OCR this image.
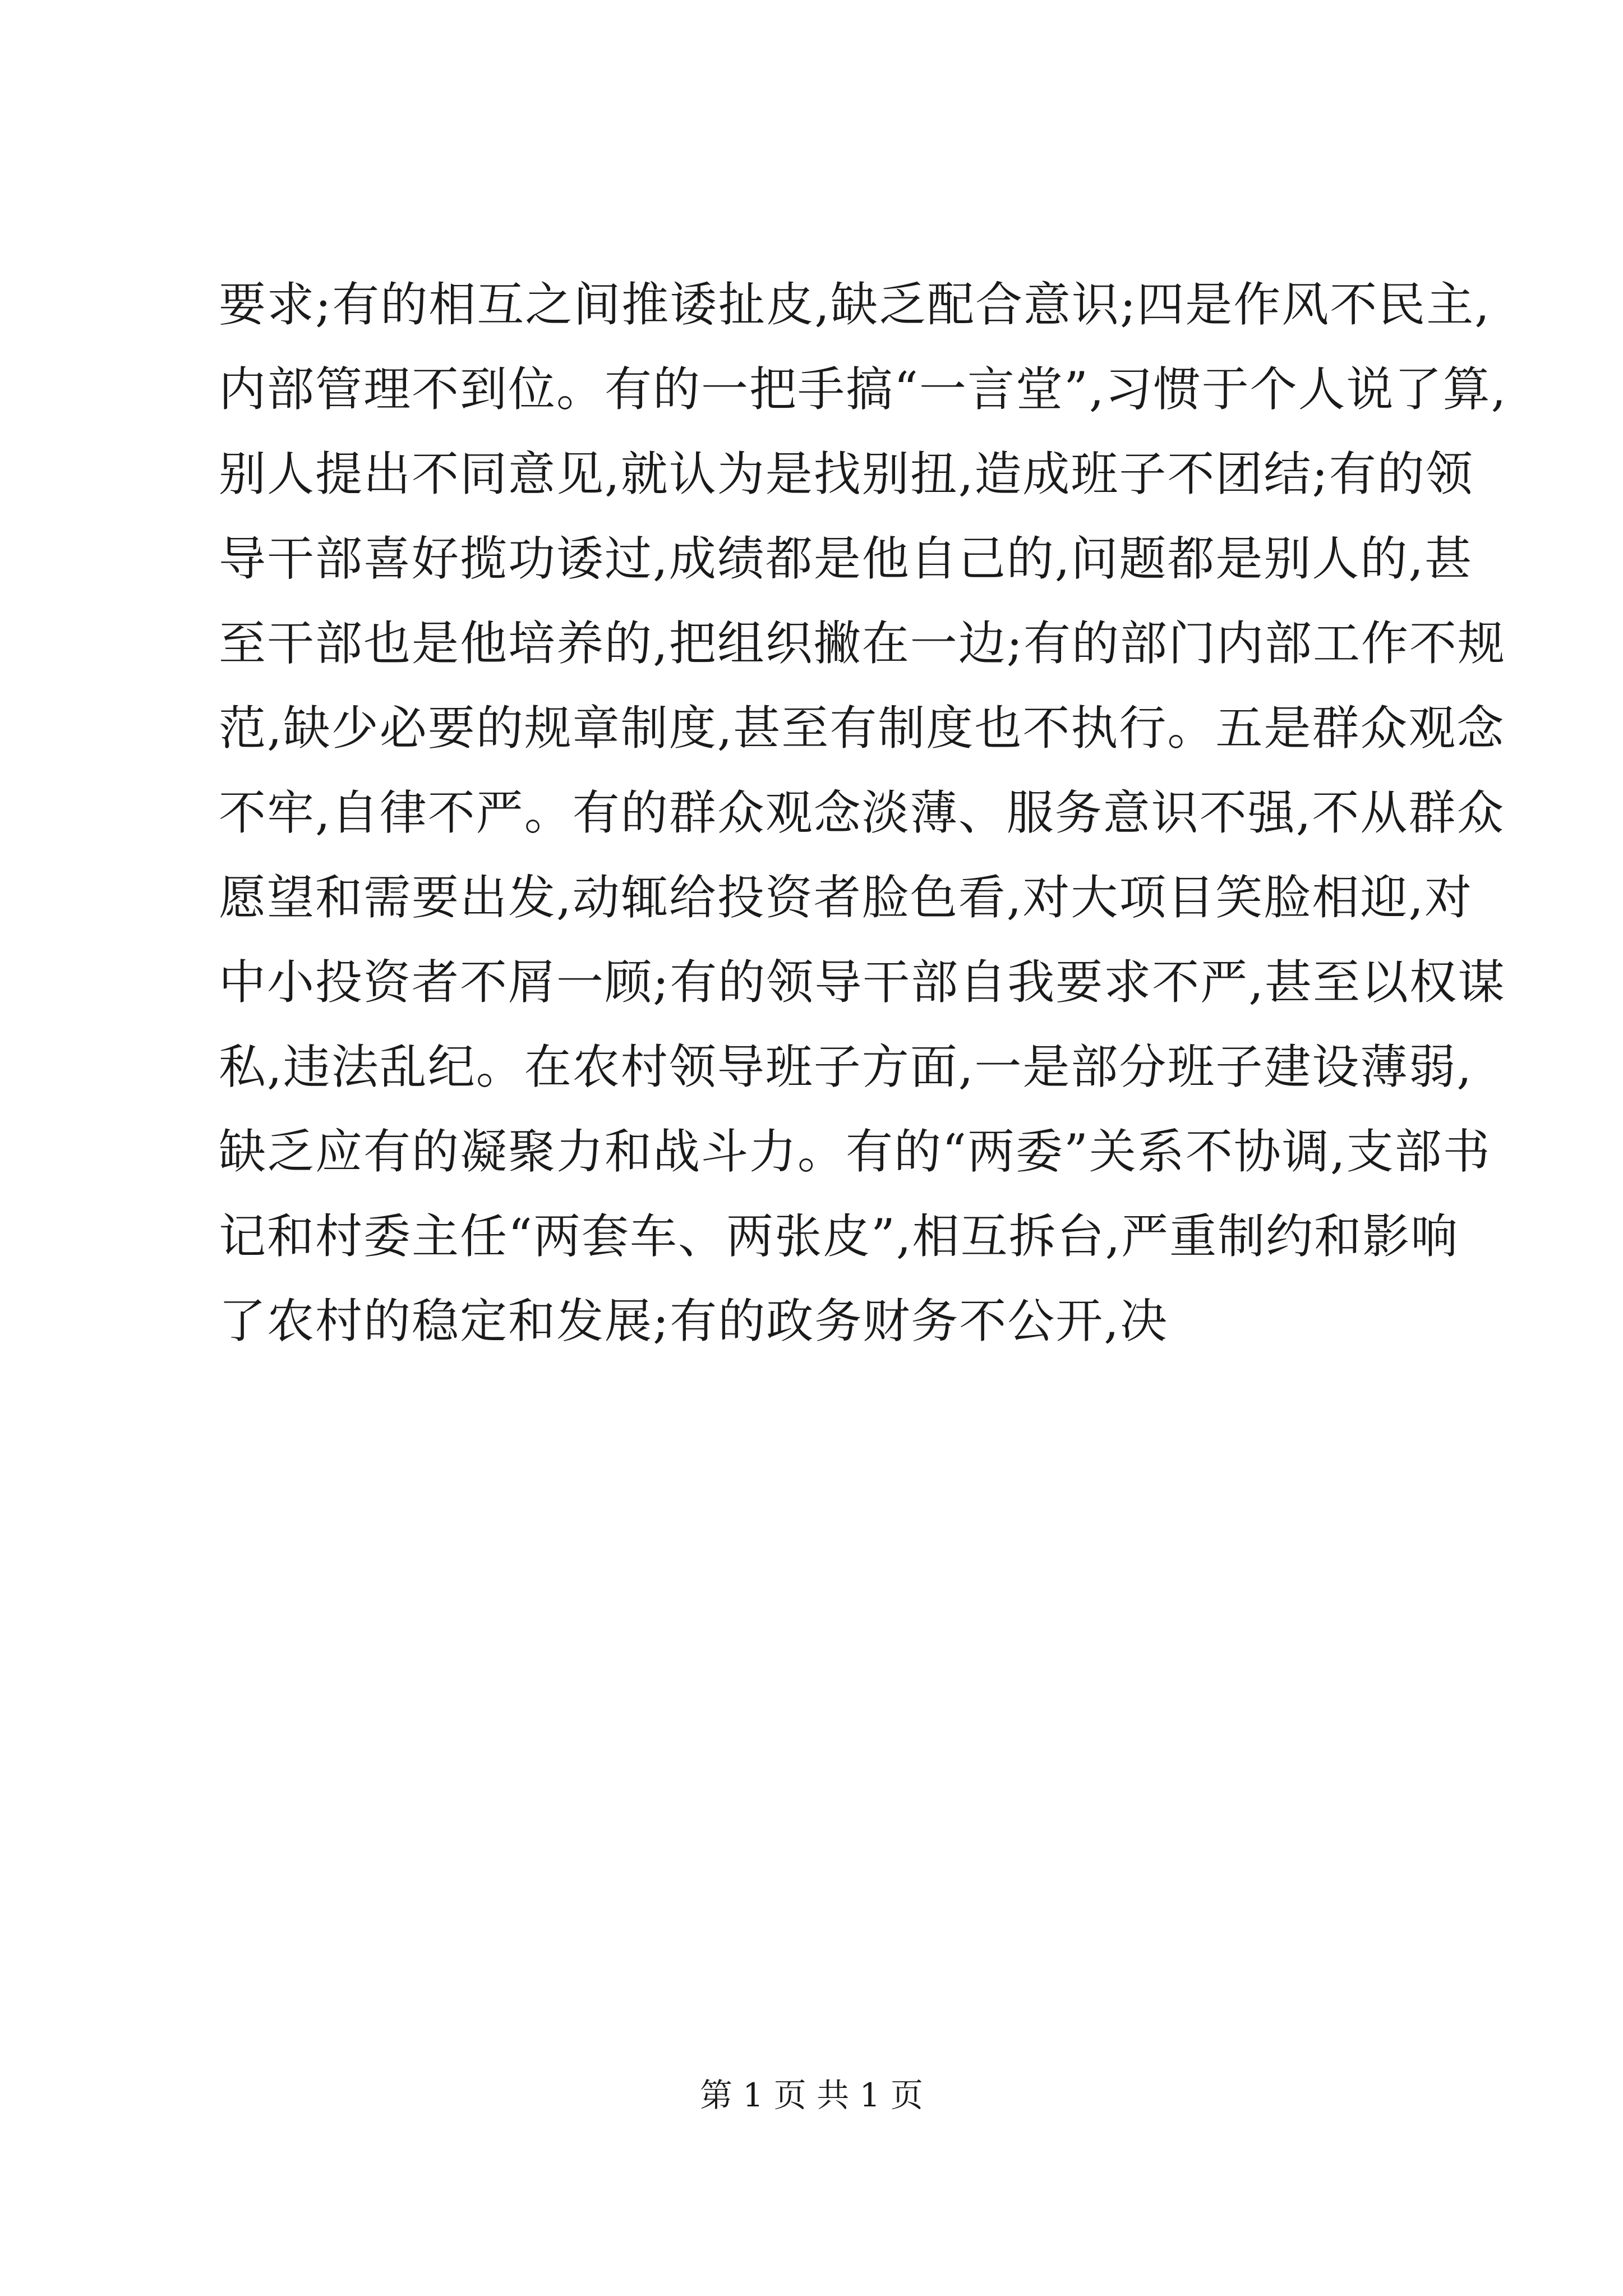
要求;有的相互之间推诿扯皮,缺乏配合意识;四是作风不民主,
内部管理不到位。有的一把手搞“一言堂”,习惯于个人说了算,
别人提出不同意见,就认为是找别扭,造成班子不团结;有的领
导干部喜好揽功诿过,成绩都是他自己的,问题都是别人的,甚
至干部也是他培养的,把组织撇在一边;有的部门内部工作不规
范,缺少必要的规章制度,甚至有制度也不执行。五是群众观念
不牢,自律不严。有的群众观念淡薄、服务意识不强,不从群众
愿望和需要出发,动辄给投资者脸色看,对大项目笑脸相迎,对
中小投资者不屑一顾;有的领导干部自我要求不严,甚至以权谋
私,违法乱纪。在农村领导班子方面,一是部分班子建设薄弱,
缺乏应有的凝聚力和战斗力。有的“两委”关系不协调,支部书
记和村委主任“两套车、两张皮”,相互拆台,严重制约和影响
了农村的稳定和发展;有的政务财务不公开,决
第 1 页 共 1 页
